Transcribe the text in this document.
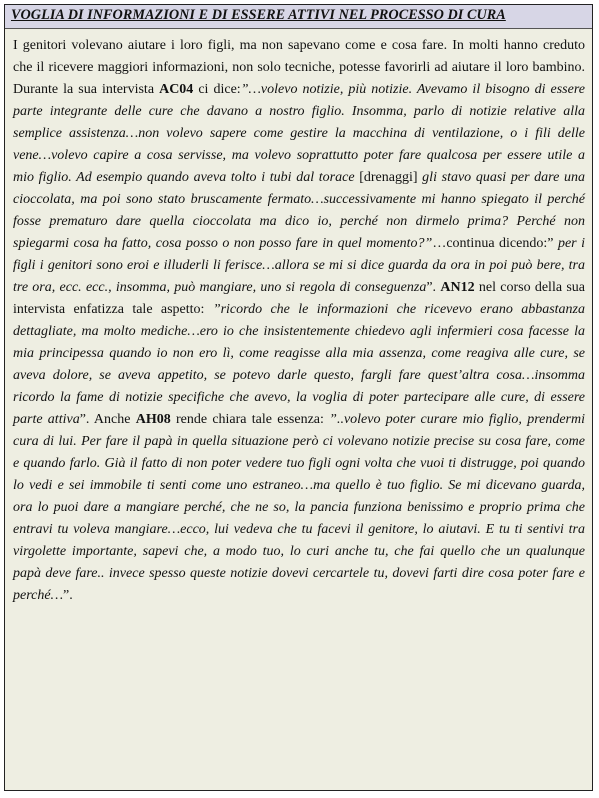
VOGLIA DI INFORMAZIONI E DI ESSERE ATTIVI NEL PROCESSO DI CURA
I genitori volevano aiutare i loro figli, ma non sapevano come e cosa fare. In molti hanno creduto che il ricevere maggiori informazioni, non solo tecniche, potesse favorirli ad aiutare il loro bambino. Durante la sua intervista AC04 ci dice:”…volevo notizie, più notizie. Avevamo il bisogno di essere parte integrante delle cure che davano a nostro figlio. Insomma, parlo di notizie relative alla semplice assistenza…non volevo sapere come gestire la macchina di ventilazione, o i fili delle vene…volevo capire a cosa servisse, ma volevo soprattutto poter fare qualcosa per essere utile a mio figlio. Ad esempio quando aveva tolto i tubi dal torace [drenaggi] gli stavo quasi per dare una cioccolata, ma poi sono stato bruscamente fermato…successivamente mi hanno spiegato il perché fosse prematuro dare quella cioccolata ma dico io, perché non dirmelo prima? Perché non spiegarmi cosa ha fatto, cosa posso o non posso fare in quel momento?”…continua dicendo:” per i figli i genitori sono eroi e illuderli li ferisce…allora se mi si dice guarda da ora in poi può bere, tra tre ora, ecc. ecc., insomma, può mangiare, uno si regola di conseguenza”. AN12 nel corso della sua intervista enfatizza tale aspetto: ”ricordo che le informazioni che ricevevo erano abbastanza dettagliate, ma molto mediche…ero io che insistentemente chiedevo agli infermieri cosa facesse la mia principessa quando io non ero lì, come reagisse alla mia assenza, come reagiva alle cure, se aveva dolore, se aveva appetito, se potevo darle questo, fargli fare quest’altra cosa…insomma ricordo la fame di notizie specifiche che avevo, la voglia di poter partecipare alle cure, di essere parte attiva”. Anche AH08 rende chiara tale essenza: ”..volevo poter curare mio figlio, prendermi cura di lui. Per fare il papà in quella situazione però ci volevano notizie precise su cosa fare, come e quando farlo. Già il fatto di non poter vedere tuo figli ogni volta che vuoi ti distrugge, poi quando lo vedi e sei immobile ti senti come uno estraneo…ma quello è tuo figlio. Se mi dicevano guarda, ora lo puoi dare a mangiare perché, che ne so, la pancia funziona benissimo e proprio prima che entravi tu voleva mangiare…ecco, lui vedeva che tu facevi il genitore, lo aiutavi. E tu ti sentivi tra virgolette importante, sapevi che, a modo tuo, lo curi anche tu, che fai quello che un qualunque papà deve fare.. invece spesso queste notizie dovevi cercartele tu, dovevi farti dire cosa poter fare e perché…”.
